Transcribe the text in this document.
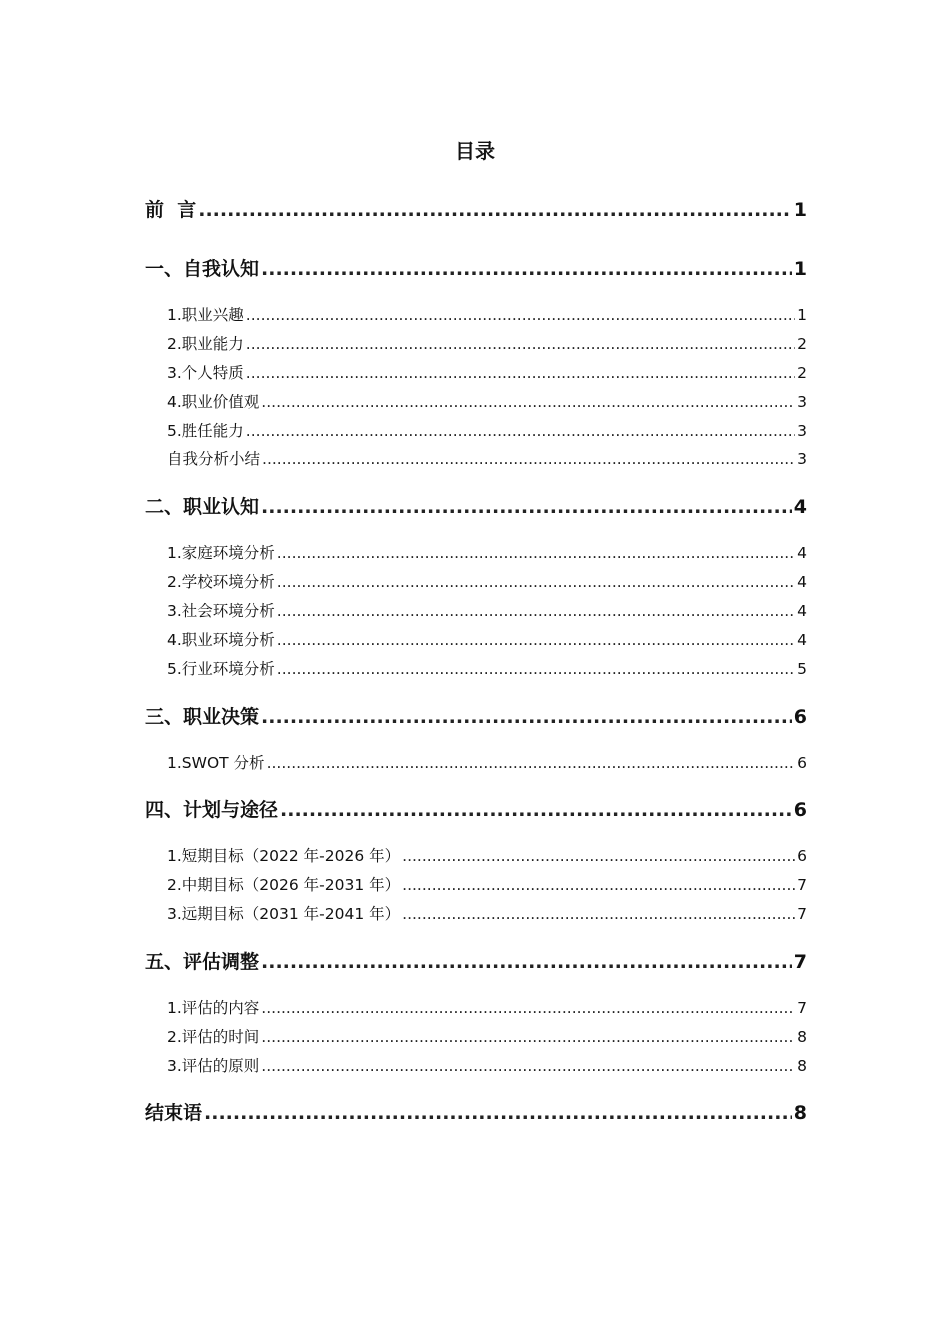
目录
前  言 .....	1
一、自我认知 .....	1
1.职业兴趣 .....	1
2.职业能力 .....	2
3.个人特质 .....	2
4.职业价值观 .....	3
5.胜任能力 .....	3
自我分析小结 .....	3
二、职业认知 .....	4
1.家庭环境分析 .....	4
2.学校环境分析 .....	4
3.社会环境分析 .....	4
4.职业环境分析 .....	4
5.行业环境分析 .....	5
三、职业决策 .....	6
1.SWOT 分析 .....	6
四、计划与途径 .....	6
1.短期目标（2022 年-2026 年） .....	6
2.中期目标（2026 年-2031 年） .....	7
3.远期目标（2031 年-2041 年） .....	7
五、评估调整 .....	7
1.评估的内容 .....	7
2.评估的时间 .....	8
3.评估的原则 .....	8
结束语 .....	8
